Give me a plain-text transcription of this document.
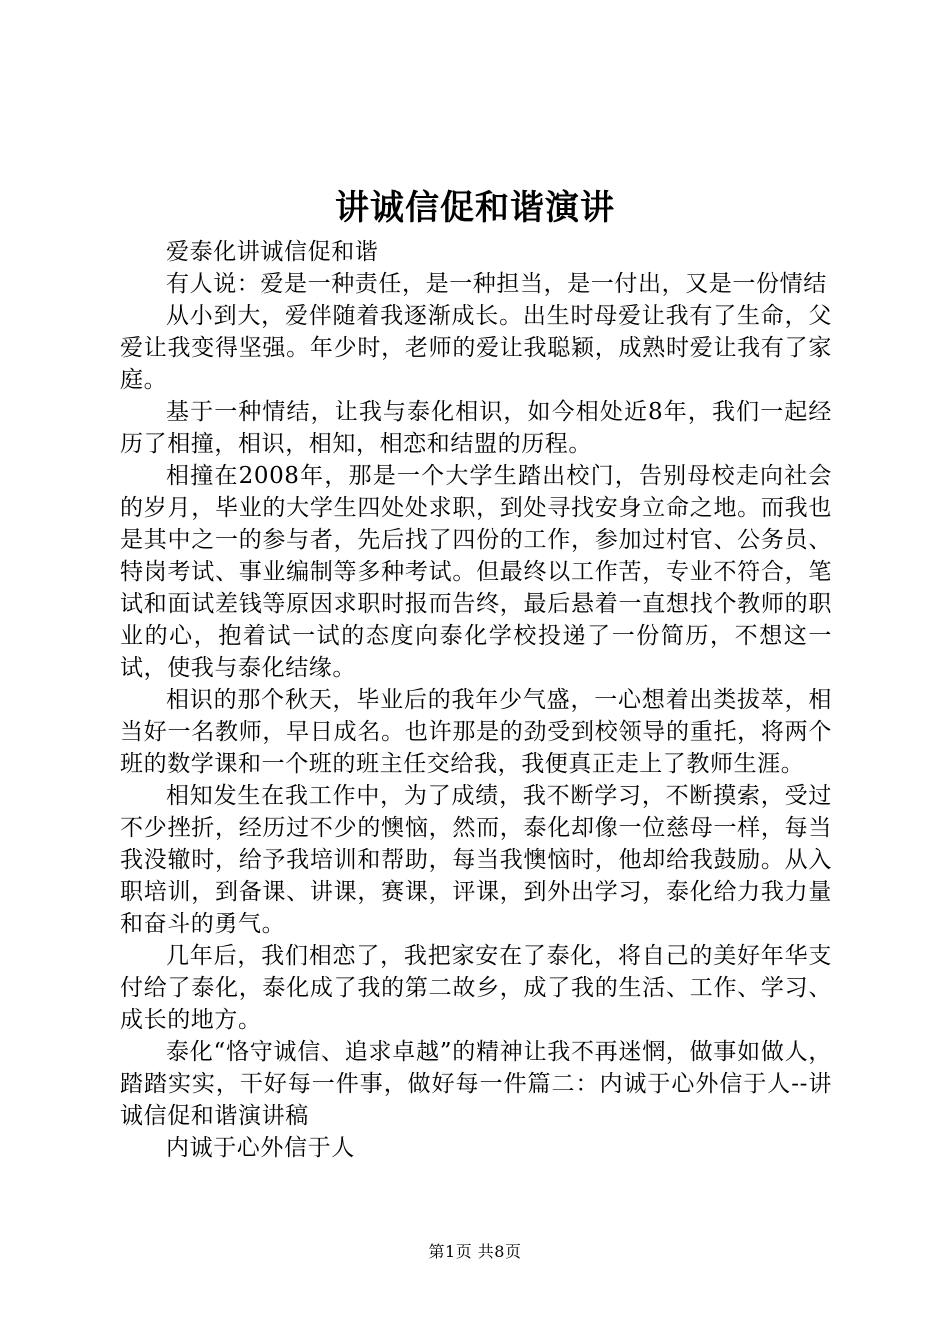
讲诚信促和谐演讲

爱泰化讲诚信促和谐

有人说：爱是一种责任，是一种担当，是一付出，又是一份情结

从小到大，爱伴随着我逐渐成长。出生时母爱让我有了生命，父爱让我变得坚强。年少时，老师的爱让我聪颖，成熟时爱让我有了家庭。

基于一种情结，让我与泰化相识，如今相处近8年，我们一起经历了相撞，相识，相知，相恋和结盟的历程。

相撞在2008年，那是一个大学生踏出校门，告别母校走向社会的岁月，毕业的大学生四处处求职，到处寻找安身立命之地。而我也是其中之一的参与者，先后找了四份的工作，参加过村官、公务员、特岗考试、事业编制等多种考试。但最终以工作苦，专业不符合，笔试和面试差钱等原因求职时报而告终，最后悬着一直想找个教师的职业的心，抱着试一试的态度向泰化学校投递了一份简历，不想这一试，使我与泰化结缘。

相识的那个秋天，毕业后的我年少气盛，一心想着出类拔萃，相当好一名教师，早日成名。也许那是的劲受到校领导的重托，将两个班的数学课和一个班的班主任交给我，我便真正走上了教师生涯。

相知发生在我工作中，为了成绩，我不断学习，不断摸索，受过不少挫折，经历过不少的懊恼，然而，泰化却像一位慈母一样，每当我没辙时，给予我培训和帮助，每当我懊恼时，他却给我鼓励。从入职培训，到备课、讲课，赛课，评课，到外出学习，泰化给力我力量和奋斗的勇气。

几年后，我们相恋了，我把家安在了泰化，将自己的美好年华支付给了泰化，泰化成了我的第二故乡，成了我的生活、工作、学习、成长的地方。

泰化“恪守诚信、追求卓越”的精神让我不再迷惘，做事如做人，踏踏实实，干好每一件事，做好每一件篇二：内诚于心外信于人--讲诚信促和谐演讲稿

内诚于心外信于人

第1页 共8页
